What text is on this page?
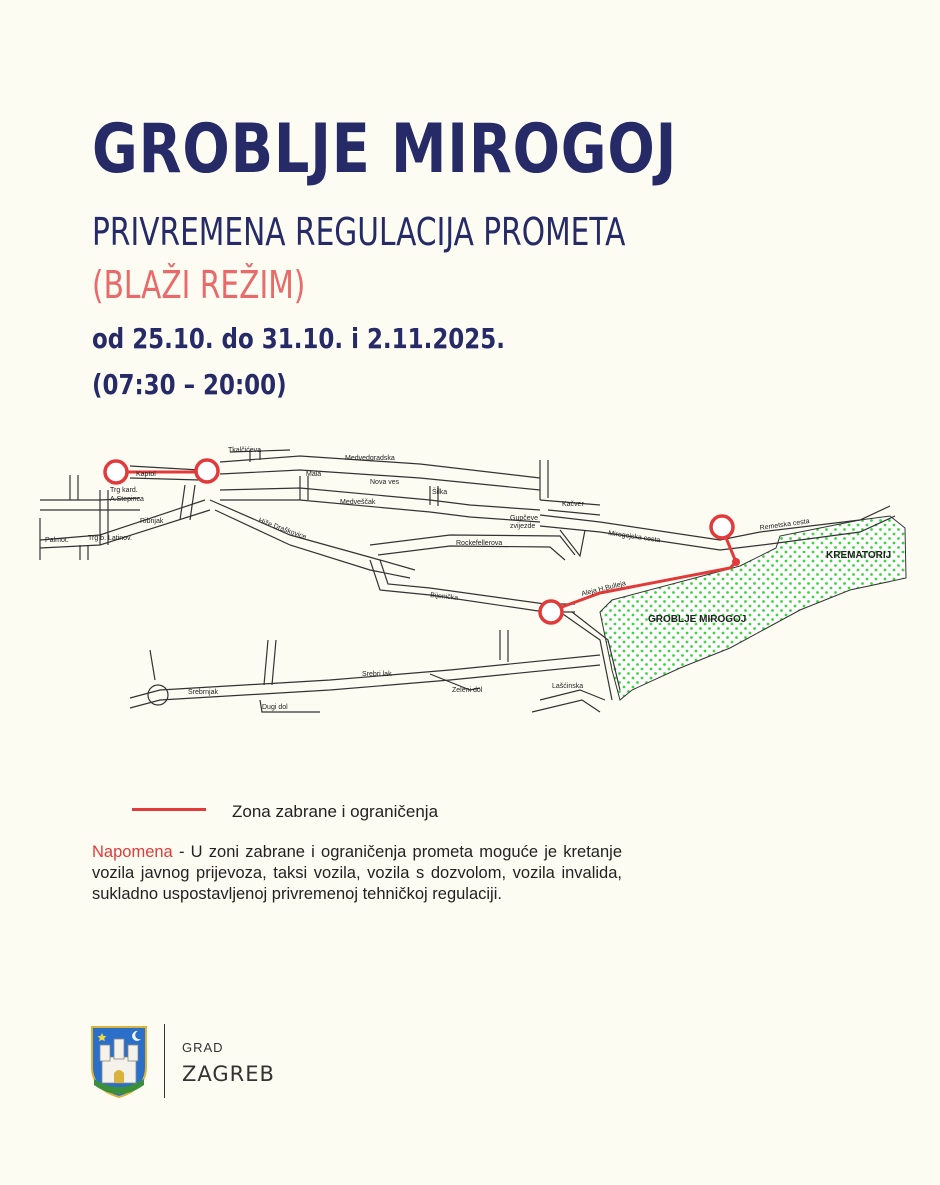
GROBLJE MIROGOJ
PRIVREMENA REGULACIJA PROMETA
(BLAŽI REŽIM)
od 25.10. do 31.10. i 2.11.2025.
(07:30 – 20:00)
Tkalčićeva
Medvedgradska
Kaptol	Mala
Nova ves
Trg kard.
A.Stepinca	Medveščak
Šilka
Kačver
Gupčeve
zvijezde
Ribnjak
Palmot.	Trg b. Latinov.	Hiže Draškovice
Rockefellerova	Mirogojska cesta
Remetska cesta
Bijenička	Aleja H.Bulleja
KREMATORIJ
GROBLJE MIROGOJ
Srebrnjak
Srebri lak
Dugi dol
Zeleni dol
Lašćinska
Zona zabrane i ograničenja
Napomena - U zoni zabrane i ograničenja prometa moguće je kretanje vozila javnog prijevoza, taksi vozila, vozila s dozvolom, vozila invalida, sukladno uspostavljenoj privremenoj tehničkoj regulaciji.
GRAD
ZAGREB
